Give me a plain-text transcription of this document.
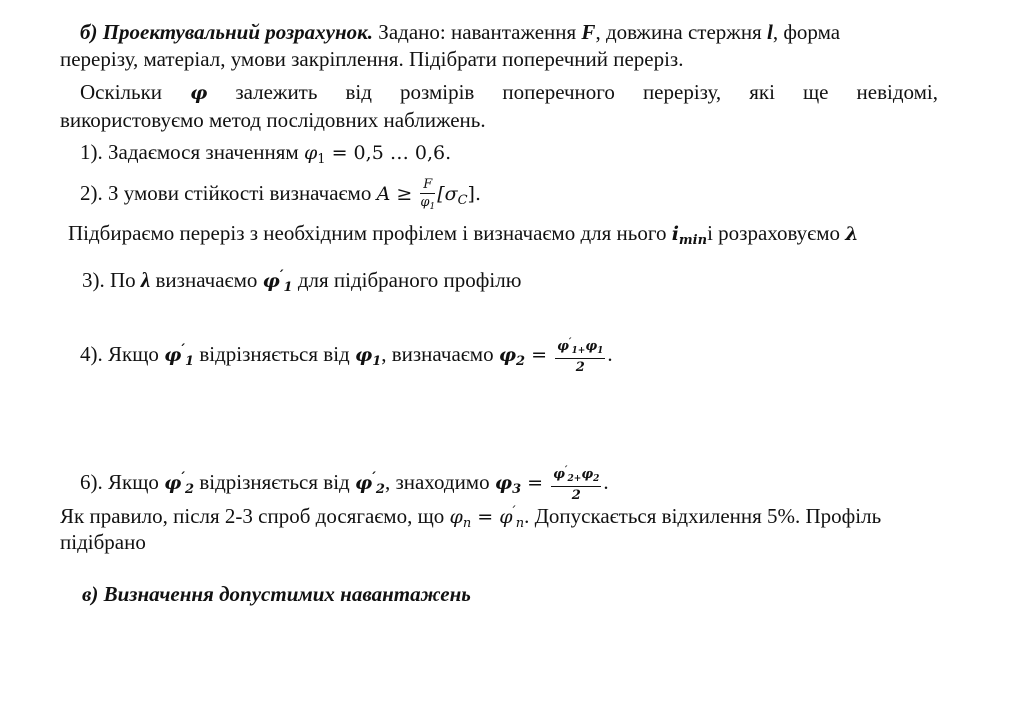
б) Проектувальний розрахунок. Задано: навантаження F, довжина стержня l, форма
перерізу, матеріал, умови закріплення. Підібрати поперечний переріз.
Оскільки φ залежить від розмірів поперечного перерізу, які ще невідомі,
використовуємо метод послідовних наближень.
1). Задаємося значенням $\varphi_1 = 0,5$ … 0,6.
2). З умови стійкості визначаємо $A \ge \frac{F}{\varphi_1} [\sigma_C]$.
Підбираємо переріз з необхідним профілем і визначаємо для нього $i_{min}і$ розраховуємо λ
3). По λ визначаємо $\varphi'_1$ для підібраного профілю
4). Якщо $\varphi'_1$ відрізняється від $\varphi_1$, визначаємо $\varphi_2 = \frac{\varphi'_{1+}\varphi_1}{2}$ .
6). Якщо $\varphi'_2$ відрізняється від $\varphi'_2$, знаходимо $\varphi_3 = \frac{\varphi'_{2+}\varphi_2}{2}$ .
Як правило, після 2-3 спроб досягаємо, що $\varphi_n = \varphi'_n$. Допускається відхилення 5%. Профіль
підібрано
в) Визначення допустимих навантажень
